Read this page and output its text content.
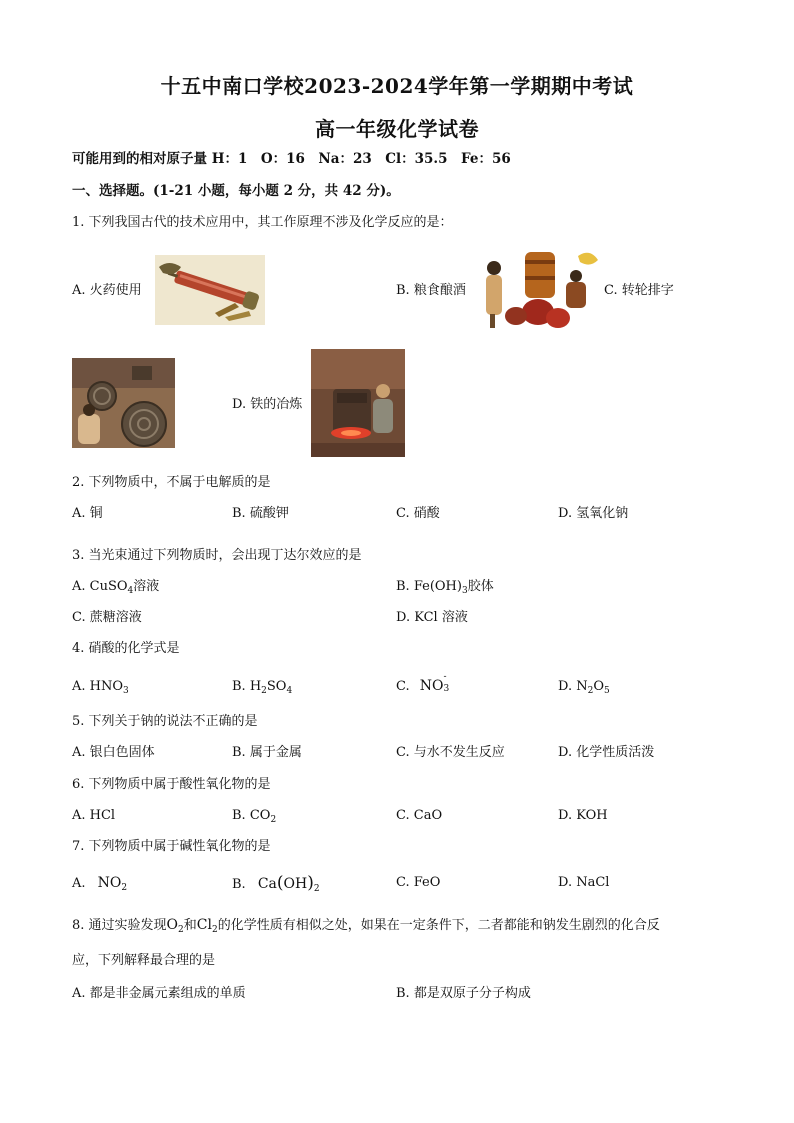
十五中南口学校2023-2024学年第一学期期中考试
高一年级化学试卷
可能用到的相对原子量 H：1　O：16　Na：23　Cl：35.5　Fe：56
一、选择题。(1-21 小题，每小题 2 分，共 42 分)。
1. 下列我国古代的技术应用中，其工作原理不涉及化学反应的是：
A. 火药使用	B. 粮食酿酒	C. 转轮排字
D. 铁的冶炼
2. 下列物质中，不属于电解质的是
A. 铜	B. 硫酸钾	C. 硝酸	D. 氢氧化钠
3. 当光束通过下列物质时，会出现丁达尔效应的是
A. CuSO$_4$溶液	B. $Fe(OH)_3$胶体
C. 蔗糖溶液	D. KCl 溶液
4. 硝酸的化学式是
A. $HNO_3$	B. $H_2SO_4$	C. NO
-
3	D. $N_2O_5$
5. 下列关于钠的说法不正确的是
A. 银白色固体	B. 属于金属	C. 与水不发生反应	D. 化学性质活泼
6. 下列物质中属于酸性氧化物的是
A. HCl	B. $CO_2$	C. CaO	D. KOH
7. 下列物质中属于碱性氧化物的是
A. $NO_2$	B. $Ca(OH)_2$	C. FeO	D. NaCl
8. 通过实验发现$O_2$和$Cl_2$的化学性质有相似之处，如果在一定条件下，二者都能和钠发生剧烈的化合反
应，下列解释最合理的是
A. 都是非金属元素组成的单质	B. 都是双原子分子构成
